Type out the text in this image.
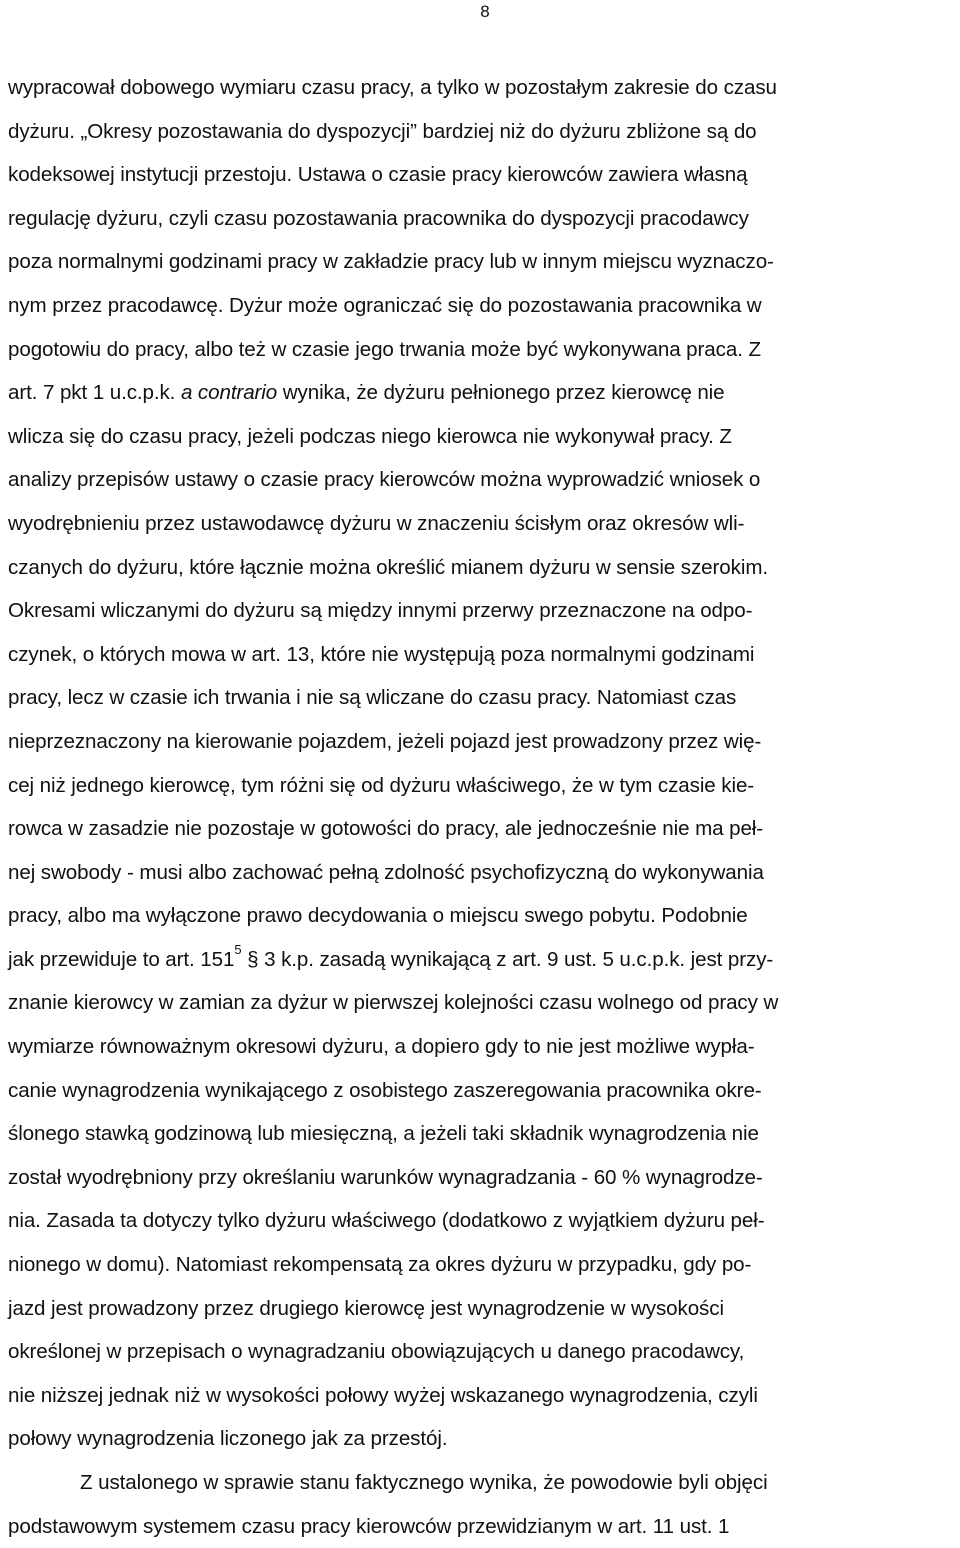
8
wypracował dobowego wymiaru czasu pracy, a tylko w pozostałym zakresie do czasu
dyżuru. „Okresy pozostawania do dyspozycji” bardziej niż do dyżuru zbliżone są do
kodeksowej instytucji przestoju. Ustawa o czasie pracy kierowców zawiera własną
regulację dyżuru, czyli czasu pozostawania pracownika do dyspozycji pracodawcy
poza normalnymi godzinami pracy w zakładzie pracy lub w innym miejscu wyznaczo-
nym przez pracodawcę. Dyżur może ograniczać się do pozostawania pracownika w
pogotowiu do pracy, albo też w czasie jego trwania może być wykonywana praca. Z
art. 7 pkt 1 u.c.p.k. a contrario wynika, że dyżuru pełnionego przez kierowcę nie
wlicza się do czasu pracy, jeżeli podczas niego kierowca nie wykonywał pracy. Z
analizy przepisów ustawy o czasie pracy kierowców można wyprowadzić wniosek o
wyodrębnieniu przez ustawodawcę dyżuru w znaczeniu ścisłym oraz okresów wli-
czanych do dyżuru, które łącznie można określić mianem dyżuru w sensie szerokim.
Okresami wliczanymi do dyżuru są między innymi przerwy przeznaczone na odpo-
czynek, o których mowa w art. 13, które nie występują poza normalnymi godzinami
pracy, lecz w czasie ich trwania i nie są wliczane do czasu pracy. Natomiast czas
nieprzeznaczony na kierowanie pojazdem, jeżeli pojazd jest prowadzony przez wię-
cej niż jednego kierowcę, tym różni się od dyżuru właściwego, że w tym czasie kie-
rowca w zasadzie nie pozostaje w gotowości do pracy, ale jednocześnie nie ma peł-
nej swobody - musi albo zachować pełną zdolność psychofizyczną do wykonywania
pracy, albo ma wyłączone prawo decydowania o miejscu swego pobytu. Podobnie
jak przewiduje to art. $151^5$ § 3 k.p. zasadą wynikającą z art. 9 ust. 5 u.c.p.k. jest przy-
znanie kierowcy w zamian za dyżur w pierwszej kolejności czasu wolnego od pracy w
wymiarze równoważnym okresowi dyżuru, a dopiero gdy to nie jest możliwe wypła-
canie wynagrodzenia wynikającego z osobistego zaszeregowania pracownika okre-
ślonego stawką godzinową lub miesięczną, a jeżeli taki składnik wynagrodzenia nie
został wyodrębniony przy określaniu warunków wynagradzania - 60 % wynagrodze-
nia. Zasada ta dotyczy tylko dyżuru właściwego (dodatkowo z wyjątkiem dyżuru peł-
nionego w domu). Natomiast rekompensatą za okres dyżuru w przypadku, gdy po-
jazd jest prowadzony przez drugiego kierowcę jest wynagrodzenie w wysokości
określonej w przepisach o wynagradzaniu obowiązujących u danego pracodawcy,
nie niższej jednak niż w wysokości połowy wyżej wskazanego wynagrodzenia, czyli
połowy wynagrodzenia liczonego jak za przestój.
Z ustalonego w sprawie stanu faktycznego wynika, że powodowie byli objęci
podstawowym systemem czasu pracy kierowców przewidzianym w art. 11 ust. 1
